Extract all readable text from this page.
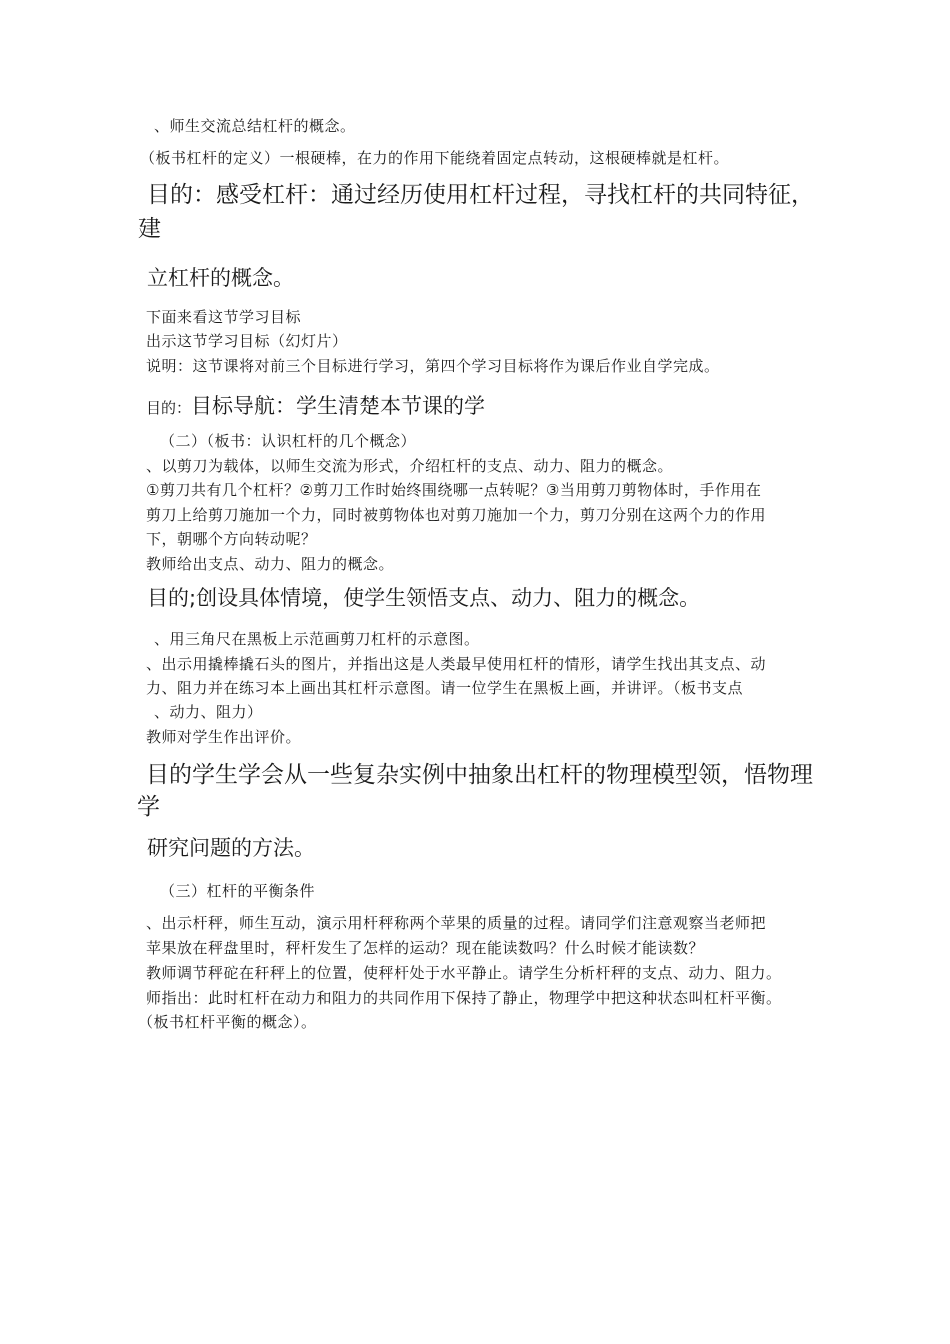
、师生交流总结杠杆的概念。
（板书杠杆的定义）一根硬棒，在力的作用下能绕着固定点转动，这根硬棒就是杠杆。
目的：感受杠杆：通过经历使用杠杆过程，寻找杠杆的共同特征，
建
立杠杆的概念。
下面来看这节学习目标
出示这节学习目标（幻灯片）
说明：这节课将对前三个目标进行学习，第四个学习目标将作为课后作业自学完成。
目的：目标导航：学生清楚本节课的学
（二）（板书：认识杠杆的几个概念）
、以剪刀为载体，以师生交流为形式，介绍杠杆的支点、动力、阻力的概念。
①剪刀共有几个杠杆？②剪刀工作时始终围绕哪一点转呢？③当用剪刀剪物体时，手作用在
剪刀上给剪刀施加一个力，同时被剪物体也对剪刀施加一个力，剪刀分别在这两个力的作用
下，朝哪个方向转动呢？
教师给出支点、动力、阻力的概念。
目的;创设具体情境，使学生领悟支点、动力、阻力的概念。
、用三角尺在黑板上示范画剪刀杠杆的示意图。
、出示用撬棒撬石头的图片，并指出这是人类最早使用杠杆的情形，请学生找出其支点、动
力、阻力并在练习本上画出其杠杆示意图。请一位学生在黑板上画，并讲评。（板书支点
、动力、阻力）
教师对学生作出评价。
目的学生学会从一些复杂实例中抽象出杠杆的物理模型领，悟物理
学
研究问题的方法。
（三）杠杆的平衡条件
、出示杆秤，师生互动，演示用杆秤称两个苹果的质量的过程。请同学们注意观察当老师把
苹果放在秤盘里时，秤杆发生了怎样的运动？现在能读数吗？什么时候才能读数？
教师调节秤砣在秆秤上的位置，使秤杆处于水平静止。请学生分析杆秤的支点、动力、阻力。
师指出：此时杠杆在动力和阻力的共同作用下保持了静止，物理学中把这种状态叫杠杆平衡。
（板书杠杆平衡的概念）。
